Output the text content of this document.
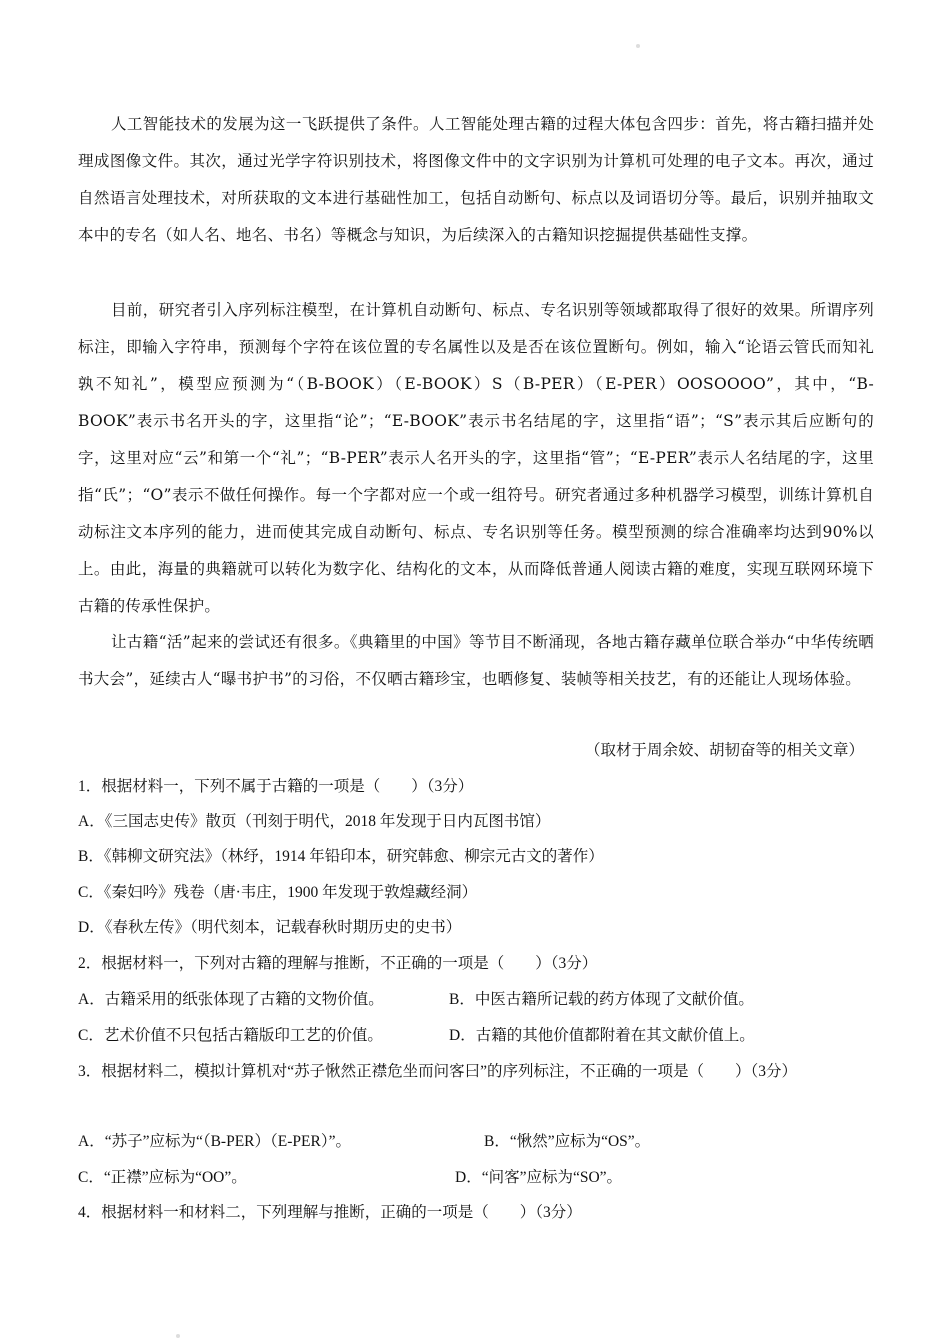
人工智能技术的发展为这一飞跃提供了条件。人工智能处理古籍的过程大体包含四步：首先，将古籍扫描并处理成图像文件。其次，通过光学字符识别技术，将图像文件中的文字识别为计算机可处理的电子文本。再次，通过自然语言处理技术，对所获取的文本进行基础性加工，包括自动断句、标点以及词语切分等。最后，识别并抽取文本中的专名（如人名、地名、书名）等概念与知识，为后续深入的古籍知识挖掘提供基础性支撑。

目前，研究者引入序列标注模型，在计算机自动断句、标点、专名识别等领域都取得了很好的效果。所谓序列标注，即输入字符串，预测每个字符在该位置的专名属性以及是否在该位置断句。例如，输入“论语云管氏而知礼孰不知礼”，模型应预测为“（B-BOOK）（E-BOOK）S（B-PER）（E-PER）OOSOOOO”，其中，“B-BOOK”表示书名开头的字，这里指“论”；“E-BOOK”表示书名结尾的字，这里指“语”；“S”表示其后应断句的字，这里对应“云”和第一个“礼”；“B-PER”表示人名开头的字，这里指“管”；“E-PER”表示人名结尾的字，这里指“氏”；“O”表示不做任何操作。每一个字都对应一个或一组符号。研究者通过多种机器学习模型，训练计算机自动标注文本序列的能力，进而使其完成自动断句、标点、专名识别等任务。模型预测的综合准确率均达到90%以上。由此，海量的典籍就可以转化为数字化、结构化的文本，从而降低普通人阅读古籍的难度，实现互联网环境下古籍的传承性保护。

让古籍“活”起来的尝试还有很多。《典籍里的中国》等节目不断涌现，各地古籍存藏单位联合举办“中华传统晒书大会”，延续古人“曝书护书”的习俗，不仅晒古籍珍宝，也晒修复、装帧等相关技艺，有的还能让人现场体验。

（取材于周余姣、胡韧奋等的相关文章）
1．根据材料一，下列不属于古籍的一项是（　　）（3分）
A．《三国志史传》散页（刊刻于明代，2018 年发现于日内瓦图书馆）
B．《韩柳文研究法》（林纾，1914 年铅印本，研究韩愈、柳宗元古文的著作）
C．《秦妇吟》残卷（唐·韦庄，1900 年发现于敦煌藏经洞）
D．《春秋左传》（明代刻本，记载春秋时期历史的史书）
2．根据材料一，下列对古籍的理解与推断，不正确的一项是（　　）（3分）
A．古籍采用的纸张体现了古籍的文物价值。	B．中医古籍所记载的药方体现了文献价值。
C．艺术价值不只包括古籍版印工艺的价值。	D．古籍的其他价值都附着在其文献价值上。
3．根据材料二，模拟计算机对“苏子愀然正襟危坐而问客曰”的序列标注，不正确的一项是（　　）（3分）
A．“苏子”应标为“（B-PER）（E-PER）”。	B．“愀然”应标为“OS”。
C．“正襟”应标为“OO”。	D．“问客”应标为“SO”。
4．根据材料一和材料二，下列理解与推断，正确的一项是（　　）（3分）
